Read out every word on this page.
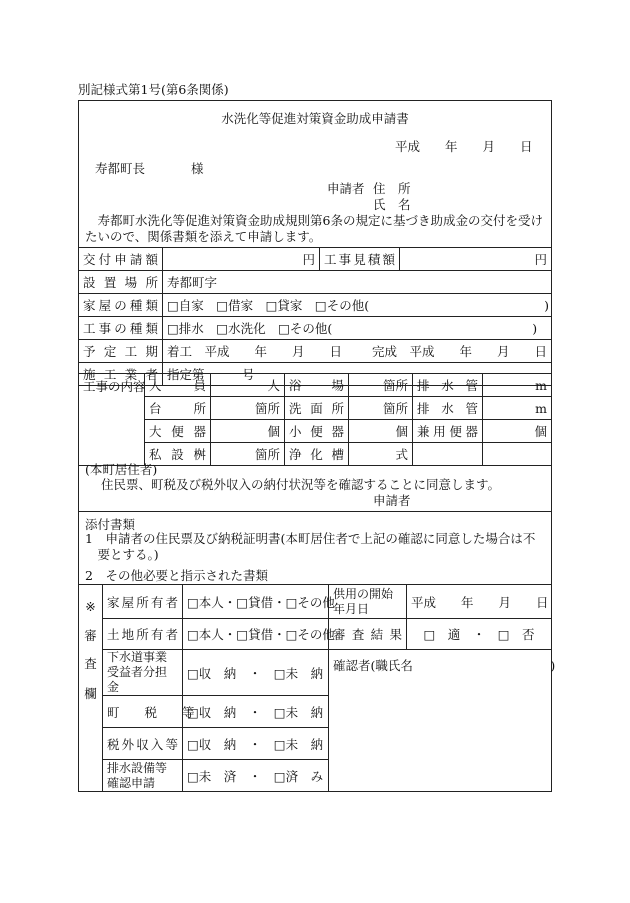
別記様式第1号(第6条関係)
水洗化等促進対策資金助成申請書
平成　　年　　月　　日
寿都町長	様
申請者 住　所
氏　名
寿都町水洗化等促進対策資金助成規則第6条の規定に基づき助成金の交付を受けたいので、関係書類を添えて申請します。
交付申請額	円	工事見積額	円
設置場所	寿都町字		
家屋の種類	□自家　□借家　□貸家　□その他(　　　　　　　　　　　　　　)		
工事の種類	□排水　□水洗化　□その他(　　　　　　　　　　　　　　　　)		
予定工期	着工　平成　　年　　月　　日 完成　平成　　年　　月　　日		
施工業者	指定第　　　号		
工事の内容	人　員	人	浴　場	箇所	排水管	m
	台　所	箇所	洗面所	箇所	排水管	m
	大便器	個	小便器	個	兼用便器	個
	私設桝	箇所	浄化槽	式		
(本町居住者)
住民票、町税及び税外収入の納付状況等を確認することに同意します。
申請者
添付書類
1　申請者の住民票及び納税証明書(本町居住者で上記の確認に同意した場合は不要とする。)
2　その他必要と指示された書類
※
審	家屋所有者	□本人・□貸借・□その他	供用の開始年月日	平成　　年　　月　　日
	土地所有者	□本人・□貸借・□その他	審査結果	□　適　・　□　否

査
欄	下水道事業受益者分担金	□収　納　・　□未　納	確認者(職氏名　　　　　　　　　　　)	
	町　　税　　等	□収　納　・　□未　納		
	税外収入等	□収　納　・　□未　納		
	排水設備等確認申請	□未　済　・　□済　み		
